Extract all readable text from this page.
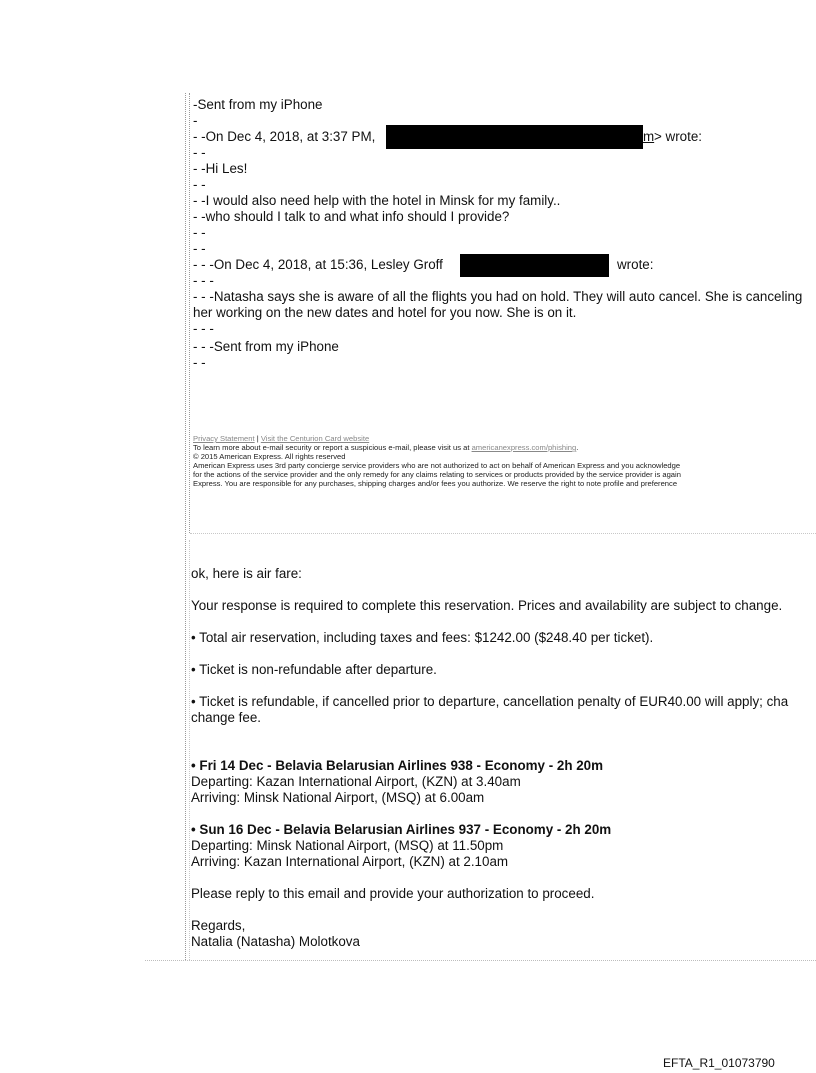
-Sent from my iPhone
-
- -On Dec 4, 2018, at 3:37 PM,	m > wrote:
- -
- -Hi Les!
- -
- -I would also need help with the hotel in Minsk for my family..
- -who should I talk to and what info should I provide?
- -
- -
- - -On Dec 4, 2018, at 15:36, Lesley Groff	wrote:
- - -
- - -Natasha says she is aware of all the flights you had on hold. They will auto cancel. She is canceling
her working on the new dates and hotel for you now. She is on it.
- - -
- - -Sent from my iPhone
- -
Privacy Statement | Visit the Centurion Card website
To learn more about e-mail security or report a suspicious e-mail, please visit us at americanexpress.com/phishing.
© 2015 American Express. All rights reserved
American Express uses 3rd party concierge service providers who are not authorized to act on behalf of American Express and you acknowledge
for the actions of the service provider and the only remedy for any claims relating to services or products provided by the service provider is again
Express. You are responsible for any purchases, shipping charges and/or fees you authorize. We reserve the right to note profile and preference
ok, here is air fare:
Your response is required to complete this reservation. Prices and availability are subject to change.
• Total air reservation, including taxes and fees: $1242.00 ($248.40 per ticket).
• Ticket is non-refundable after departure.
• Ticket is refundable, if cancelled prior to departure, cancellation penalty of EUR40.00 will apply; cha
change fee.
• Fri 14 Dec - Belavia Belarusian Airlines 938 - Economy - 2h 20m
Departing: Kazan International Airport, (KZN) at 3.40am
Arriving: Minsk National Airport, (MSQ) at 6.00am
• Sun 16 Dec - Belavia Belarusian Airlines 937 - Economy - 2h 20m
Departing: Minsk National Airport, (MSQ) at 11.50pm
Arriving: Kazan International Airport, (KZN) at 2.10am
Please reply to this email and provide your authorization to proceed.
Regards,
Natalia (Natasha) Molotkova
EFTA_R1_01073790
